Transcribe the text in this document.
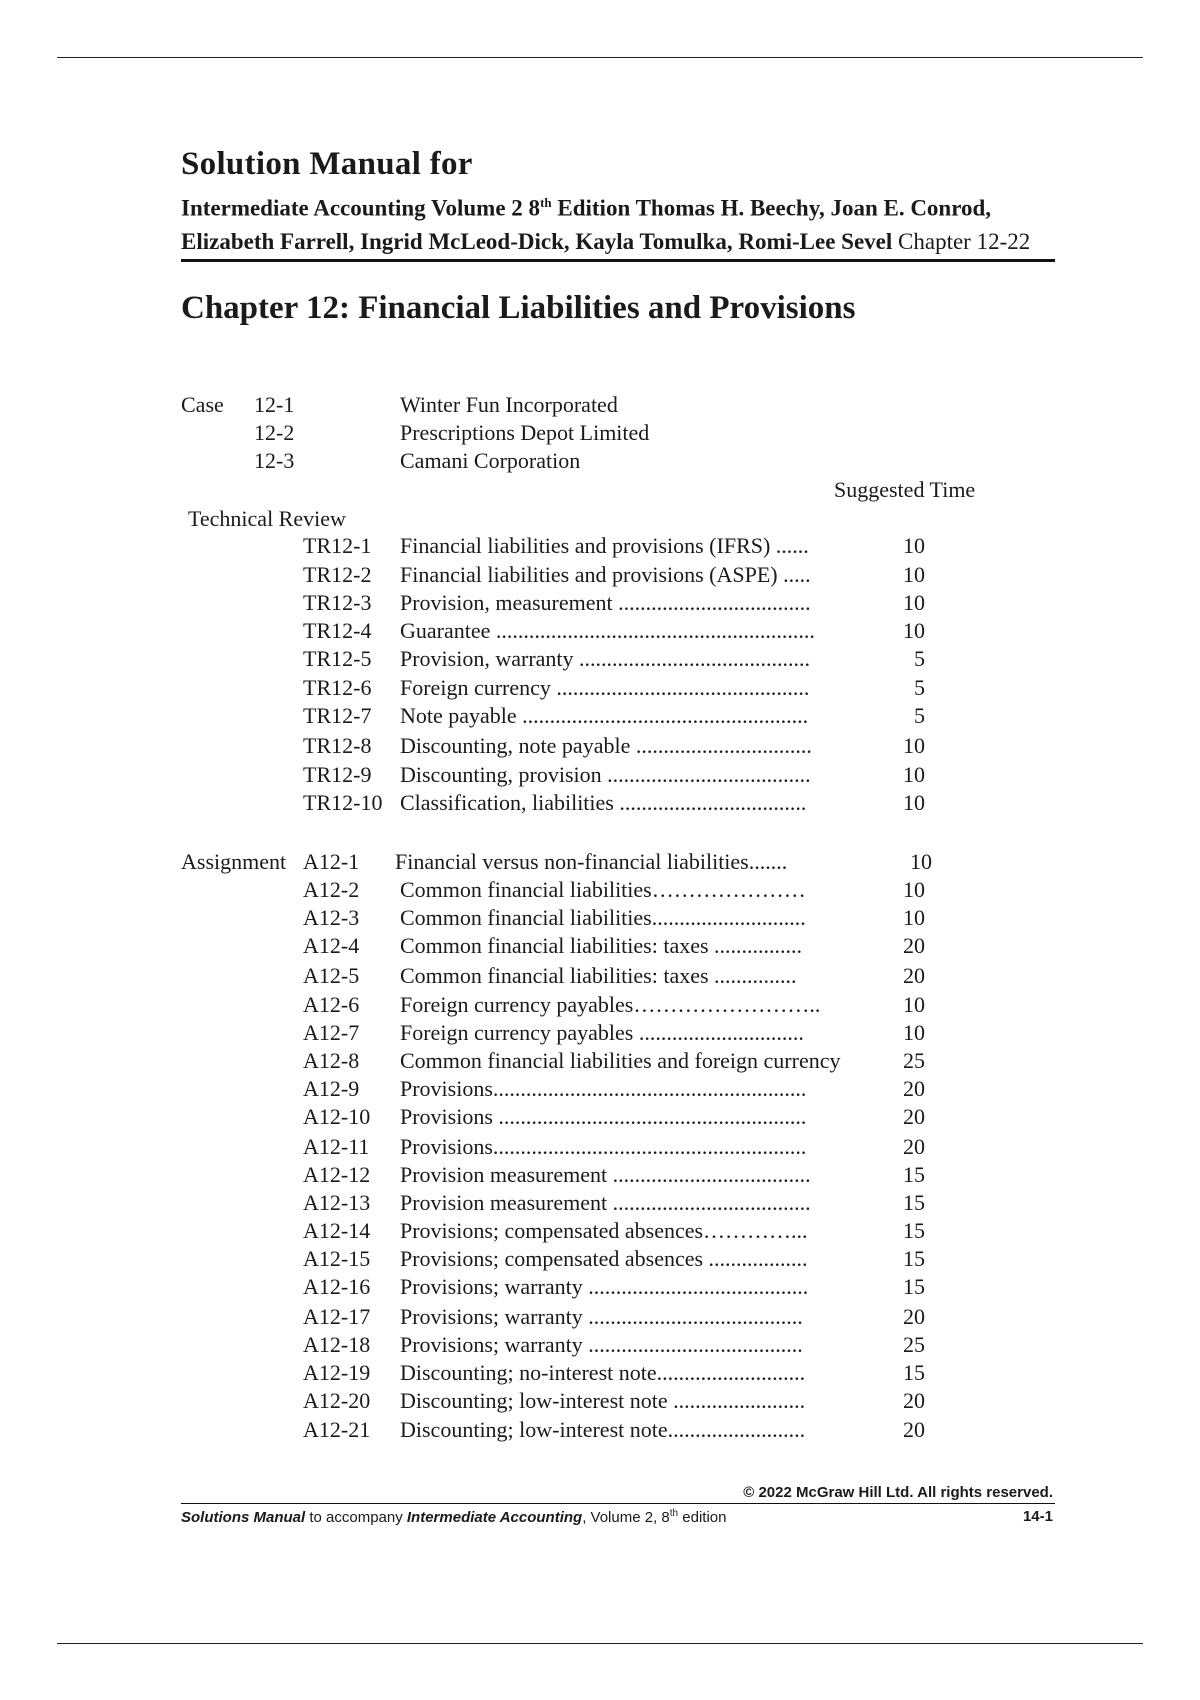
Solution Manual for
Intermediate Accounting Volume 2 8th Edition Thomas H. Beechy, Joan E. Conrod,
Elizabeth Farrell, Ingrid McLeod-Dick, Kayla Tomulka, Romi-Lee Sevel Chapter 12-22
Chapter 12: Financial Liabilities and Provisions
Case 12-1	Winter Fun Incorporated
12-2	Prescriptions Depot Limited
12-3	Camani Corporation
Suggested Time
Technical Review
TR12-1 Financial liabilities and provisions (IFRS) ......	10
TR12-2 Financial liabilities and provisions (ASPE) .....	10
TR12-3 Provision, measurement ...................................	10
TR12-4 Guarantee ..........................................................	10
TR12-5 Provision, warranty ..........................................	5
TR12-6 Foreign currency ..............................................	5
TR12-7 Note payable ....................................................	5
TR12-8 Discounting, note payable ................................	10
TR12-9 Discounting, provision .....................................	10
TR12-10 Classification, liabilities ..................................	10
Assignment A12-1 Financial versus non-financial liabilities.......	10
A12-2 Common financial liabilities…………………	10
A12-3 Common financial liabilities............................	10
A12-4 Common financial liabilities: taxes ................	20
A12-5 Common financial liabilities: taxes ...............	20
A12-6 Foreign currency payables……………………..	10
A12-7 Foreign currency payables ..............................	10
A12-8 Common financial liabilities and foreign currency	25
A12-9 Provisions.........................................................	20
A12-10 Provisions ........................................................	20
A12-11 Provisions.........................................................	20
A12-12 Provision measurement ....................................	15
A12-13 Provision measurement ....................................	15
A12-14 Provisions; compensated absences…………...	15
A12-15 Provisions; compensated absences ..................	15
A12-16 Provisions; warranty ........................................	15
A12-17 Provisions; warranty .......................................	20
A12-18 Provisions; warranty .......................................	25
A12-19 Discounting; no-interest note...........................	15
A12-20 Discounting; low-interest note ........................	20
A12-21 Discounting; low-interest note.........................	20
© 2022 McGraw Hill Ltd. All rights reserved.
Solutions Manual to accompany Intermediate Accounting, Volume 2, 8th edition	14-1
